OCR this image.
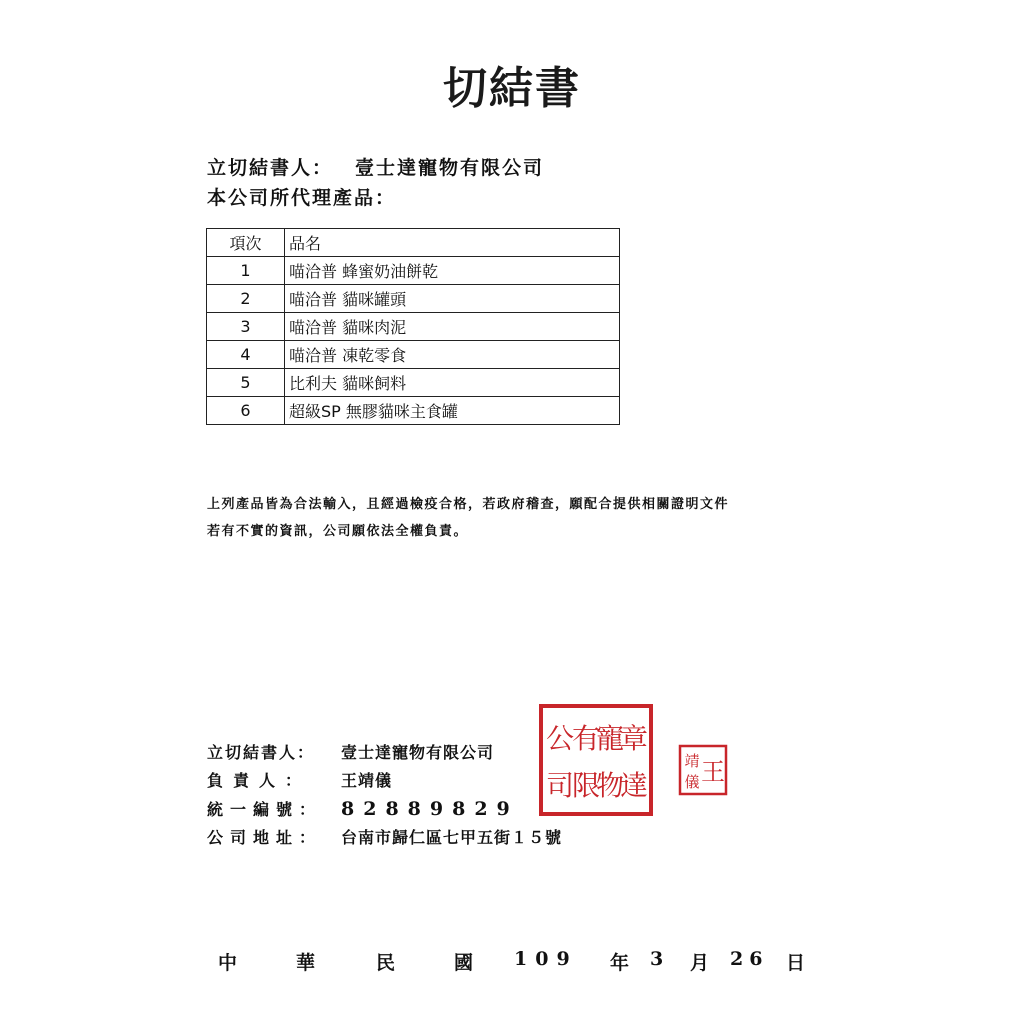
切結書
立切結書人： 壹士達寵物有限公司
本公司所代理產品：
項次	品名
1	喵洽普 蜂蜜奶油餅乾
2	喵洽普 貓咪罐頭
3	喵洽普 貓咪肉泥
4	喵洽普 凍乾零食
5	比利夫 貓咪飼料
6	超級SP 無膠貓咪主食罐
上列產品皆為合法輸入，且經過檢疫合格，若政府稽查，願配合提供相關證明文件
若有不實的資訊，公司願依法全權負責。
立切結書人： 壹士達寵物有限公司
負責人： 王靖儀
統一編號： 82889829
公司地址： 台南市歸仁區七甲五街１５號
公
司
有
限
寵
物
章
達
靖
儀 王
中	華	民	國 109 年 3 月 26 日
